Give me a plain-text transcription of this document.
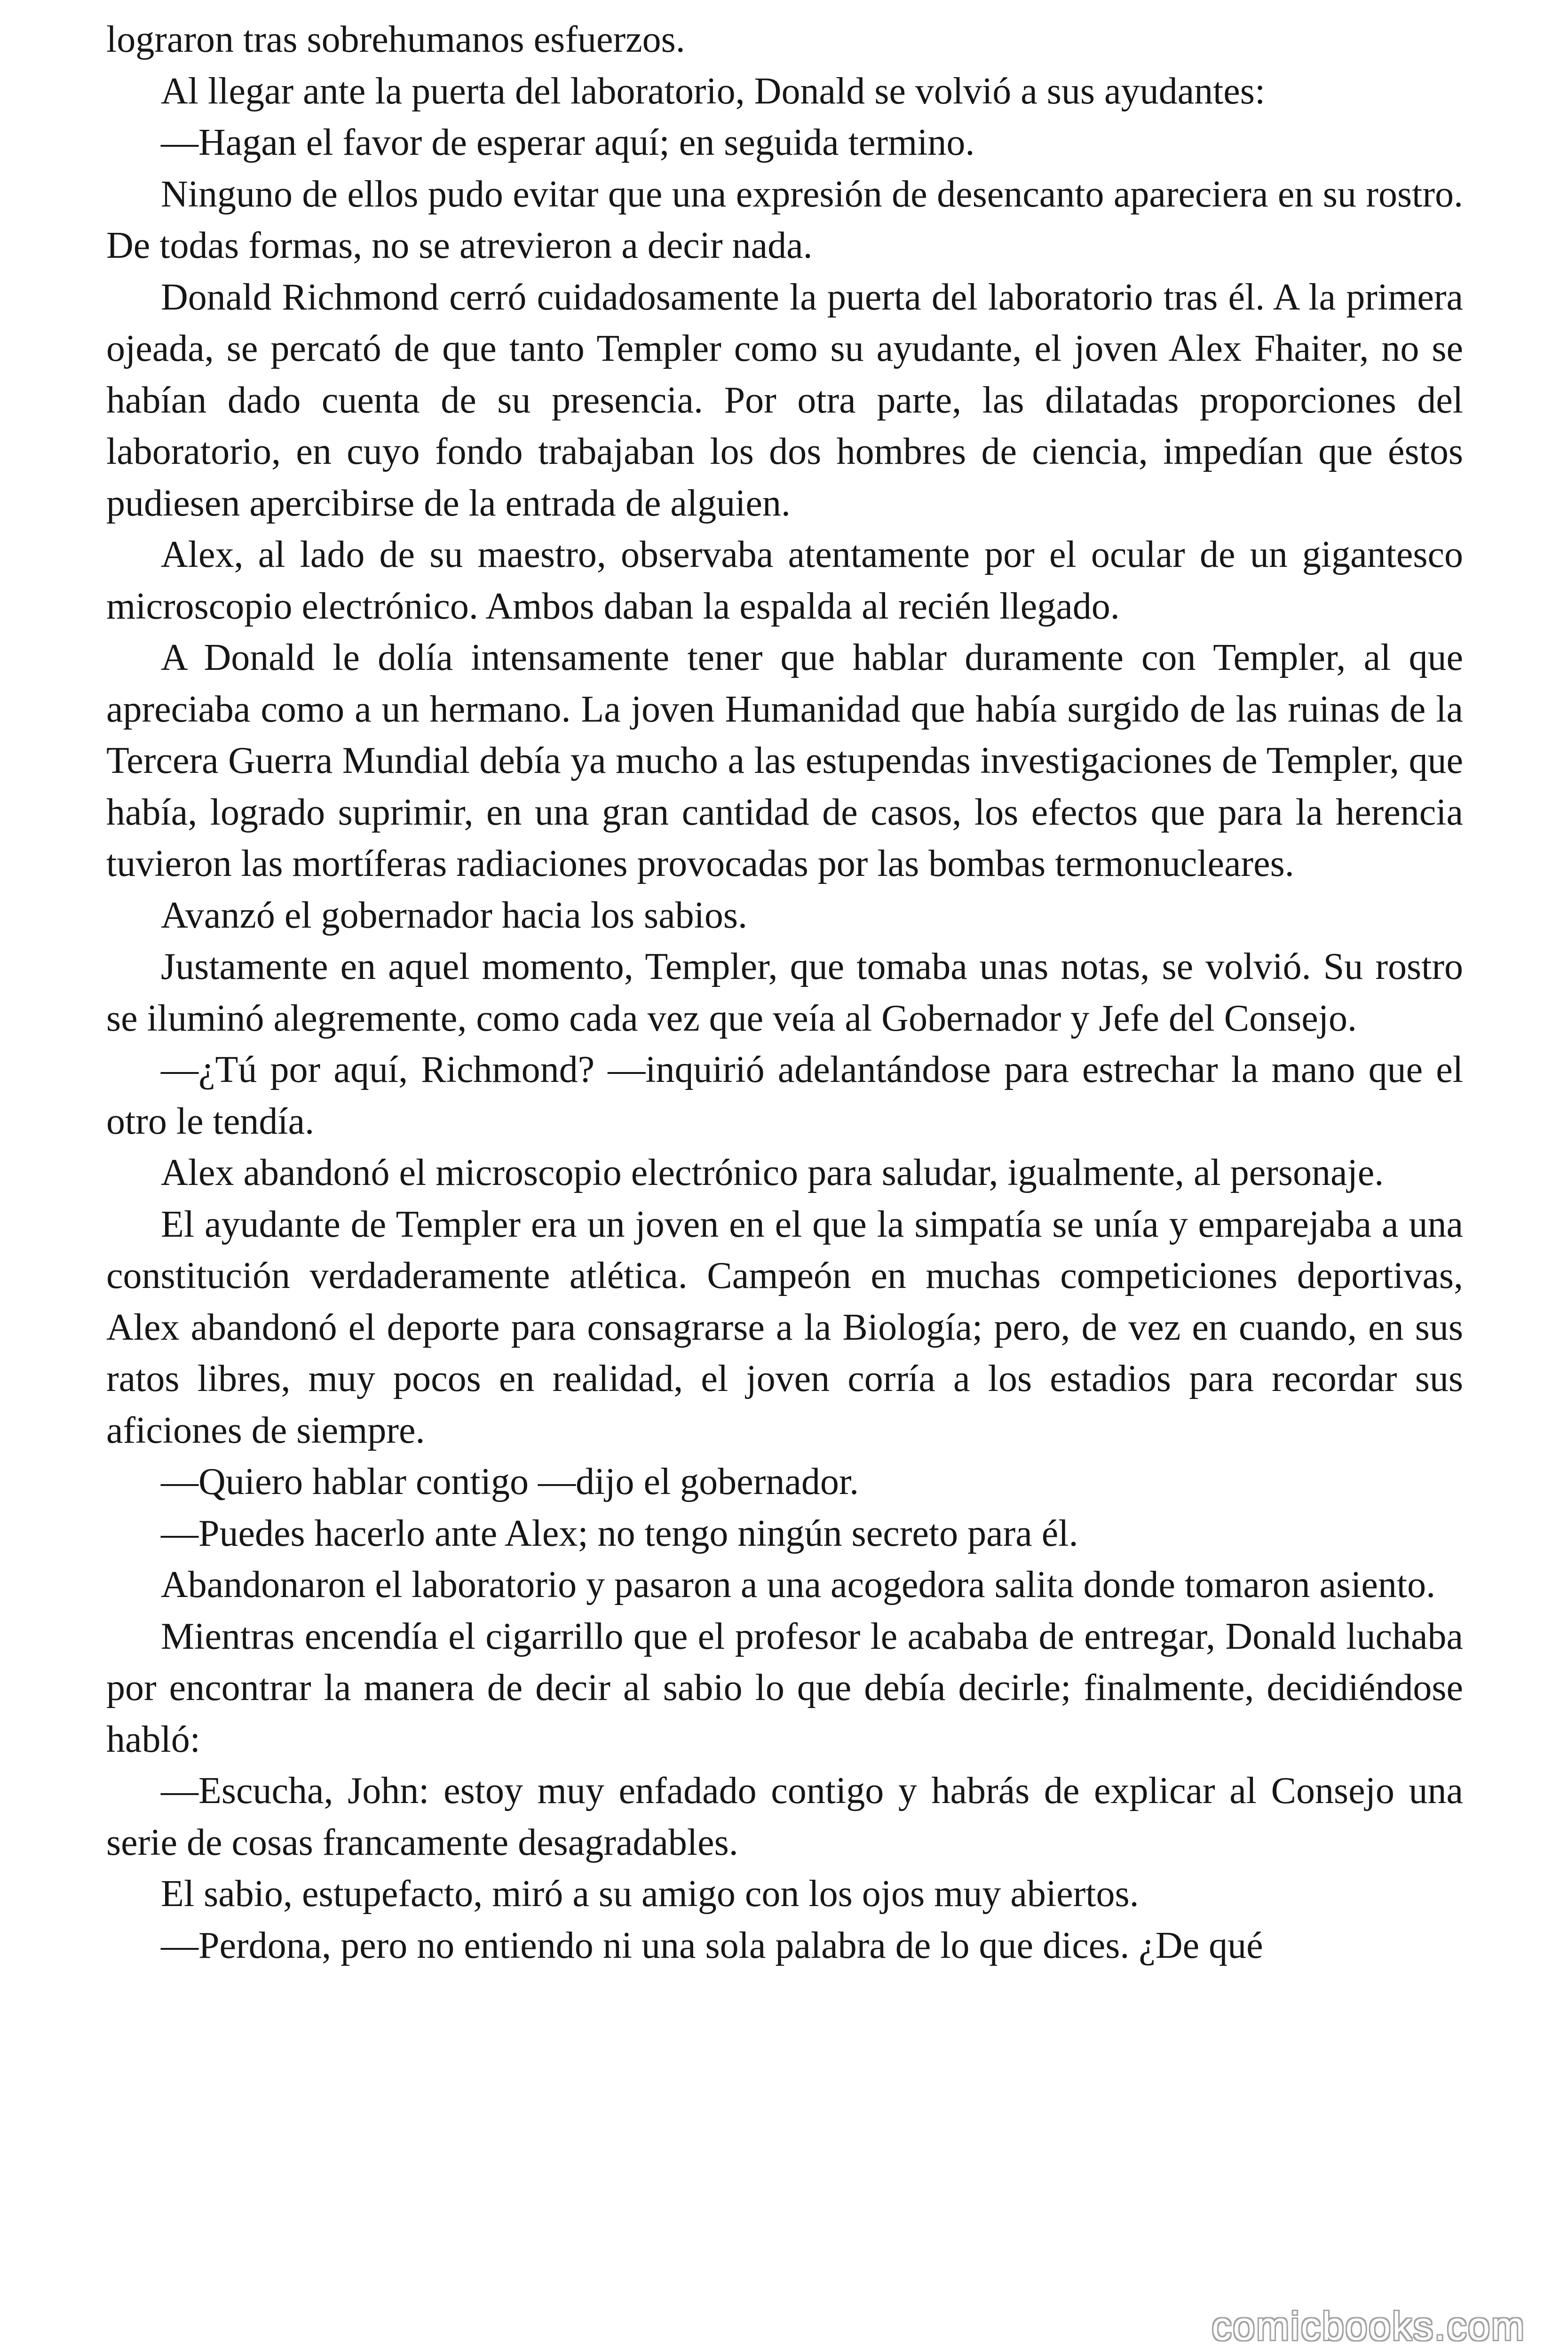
lograron tras sobrehumanos esfuerzos.

Al llegar ante la puerta del laboratorio, Donald se volvió a sus ayudantes:

—Hagan el favor de esperar aquí; en seguida termino.

Ninguno de ellos pudo evitar que una expresión de desencanto apareciera en su rostro. De todas formas, no se atrevieron a decir nada.

Donald Richmond cerró cuidadosamente la puerta del laboratorio tras él. A la primera ojeada, se percató de que tanto Templer como su ayudante, el joven Alex Fhaiter, no se habían dado cuenta de su presencia. Por otra parte, las dilatadas proporciones del laboratorio, en cuyo fondo trabajaban los dos hombres de ciencia, impedían que éstos pudiesen apercibirse de la entrada de alguien.

Alex, al lado de su maestro, observaba atentamente por el ocular de un gigantesco microscopio electrónico. Ambos daban la espalda al recién llegado.

A Donald le dolía intensamente tener que hablar duramente con Templer, al que apreciaba como a un hermano. La joven Humanidad que había surgido de las ruinas de la Tercera Guerra Mundial debía ya mucho a las estupendas investigaciones de Templer, que había, logrado suprimir, en una gran cantidad de casos, los efectos que para la herencia tuvieron las mortíferas radiaciones provocadas por las bombas termonucleares.

Avanzó el gobernador hacia los sabios.

Justamente en aquel momento, Templer, que tomaba unas notas, se volvió. Su rostro se iluminó alegremente, como cada vez que veía al Gobernador y Jefe del Consejo.

—¿Tú por aquí, Richmond? —inquirió adelantándose para estrechar la mano que el otro le tendía.

Alex abandonó el microscopio electrónico para saludar, igualmente, al personaje.

El ayudante de Templer era un joven en el que la simpatía se unía y emparejaba a una constitución verdaderamente atlética. Campeón en muchas competiciones deportivas, Alex abandonó el deporte para consagrarse a la Biología; pero, de vez en cuando, en sus ratos libres, muy pocos en realidad, el joven corría a los estadios para recordar sus aficiones de siempre.

—Quiero hablar contigo —dijo el gobernador.

—Puedes hacerlo ante Alex; no tengo ningún secreto para él.

Abandonaron el laboratorio y pasaron a una acogedora salita donde tomaron asiento.

Mientras encendía el cigarrillo que el profesor le acababa de entregar, Donald luchaba por encontrar la manera de decir al sabio lo que debía decirle; finalmente, decidiéndose habló:

—Escucha, John: estoy muy enfadado contigo y habrás de explicar al Consejo una serie de cosas francamente desagradables.

El sabio, estupefacto, miró a su amigo con los ojos muy abiertos.

—Perdona, pero no entiendo ni una sola palabra de lo que dices. ¿De qué

comicbooks.com
